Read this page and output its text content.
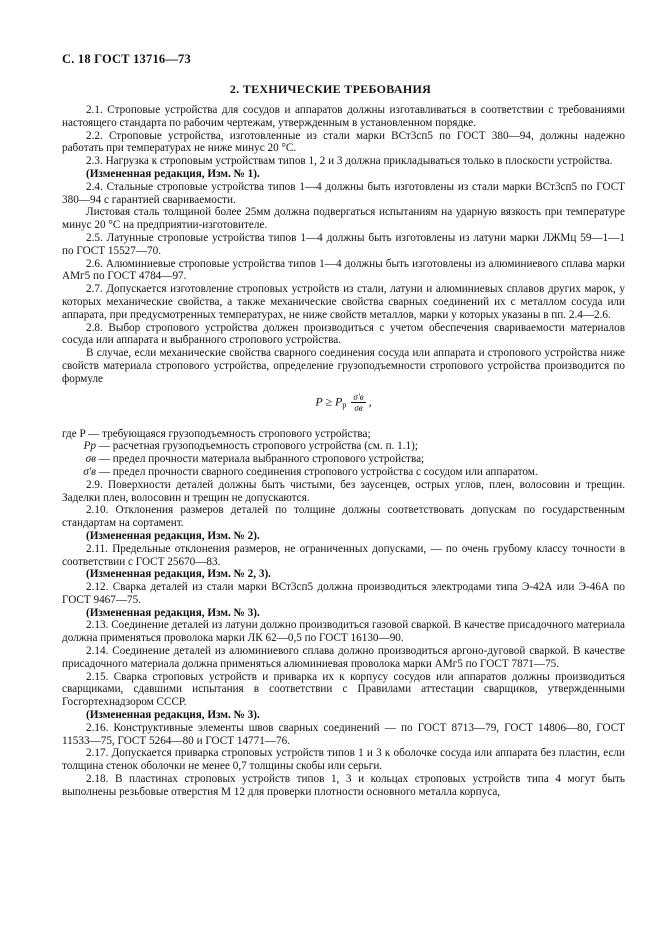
С. 18 ГОСТ 13716—73
2. ТЕХНИЧЕСКИЕ ТРЕБОВАНИЯ

2.1. Строповые устройства для сосудов и аппаратов должны изготавливаться в соответствии с требованиями настоящего стандарта по рабочим чертежам, утвержденным в установленном порядке.

2.2. Строповые устройства, изготовленные из стали марки ВСт3сп5 по ГОСТ 380—94, должны надежно работать при температурах не ниже минус 20 °С.

2.3. Нагрузка к строповым устройствам типов 1, 2 и 3 должна прикладываться только в плоскости устройства.

(Измененная редакция, Изм. № 1).

2.4. Стальные строповые устройства типов 1—4 должны быть изготовлены из стали марки ВСт3сп5 по ГОСТ 380—94 с гарантией свариваемости.

Листовая сталь толщиной более 25мм должна подвергаться испытаниям на ударную вязкость при температуре минус 20 °С на предприятии-изготовителе.

2.5. Латунные строповые устройства типов 1—4 должны быть изготовлены из латуни марки ЛЖМц 59—1—1 по ГОСТ 15527—70.

2.6. Алюминиевые строповые устройства типов 1—4 должны быть изготовлены из алюминиевого сплава марки АМг5 по ГОСТ 4784—97.

2.7. Допускается изготовление строповых устройств из стали, латуни и алюминиевых сплавов других марок, у которых механические свойства, а также механические свойства сварных соединений их с металлом сосуда или аппарата, при предусмотренных температурах, не ниже свойств металлов, марки у которых указаны в пп. 2.4—2.6.

2.8. Выбор стропового устройства должен производиться с учетом обеспечения свариваемости материалов сосуда или аппарата и выбранного стропового устройства.

В случае, если механические свойства сварного соединения сосуда или аппарата и стропового устройства ниже свойств материала стропового устройства, определение грузоподъемности стропового устройства производится по формуле

$P \ge P_p \frac{\sigma'в}{\sigma в}$ ,
где P — требующаяся грузоподъемность стропового устройства;
Pp — расчетная грузоподъемность стропового устройства (см. п. 1.1);
σв — предел прочности материала выбранного стропового устройства;
σ'в — предел прочности сварного соединения стропового устройства с сосудом или аппаратом.

2.9. Поверхности деталей должны быть чистыми, без заусенцев, острых углов, плен, волосовин и трещин. Заделки плен, волосовин и трещин не допускаются.

2.10. Отклонения размеров деталей по толщине должны соответствовать допускам по государственным стандартам на сортамент.

(Измененная редакция, Изм. № 2).

2.11. Предельные отклонения размеров, не ограниченных допусками, — по очень грубому классу точности в соответствии с ГОСТ 25670—83.

(Измененная редакция, Изм. № 2, 3).

2.12. Сварка деталей из стали марки ВСт3сп5 должна производиться электродами типа Э-42А или Э-46А по ГОСТ 9467—75.

(Измененная редакция, Изм. № 3).

2.13. Соединение деталей из латуни должно производиться газовой сваркой. В качестве присадочного материала должна применяться проволока марки ЛК 62—0,5 по ГОСТ 16130—90.

2.14. Соединение деталей из алюминиевого сплава должно производиться аргоно-дуговой сваркой. В качестве присадочного материала должна применяться алюминиевая проволока марки АМг5 по ГОСТ 7871—75.

2.15. Сварка строповых устройств и приварка их к корпусу сосудов или аппаратов должны производиться сварщиками, сдавшими испытания в соответствии с Правилами аттестации сварщиков, утвержденными Госгортехнадзором СССР.

(Измененная редакция, Изм. № 3).

2.16. Конструктивные элементы швов сварных соединений — по ГОСТ 8713—79, ГОСТ 14806—80, ГОСТ 11533—75, ГОСТ 5264—80 и ГОСТ 14771—76.

2.17. Допускается приварка строповых устройств типов 1 и 3 к оболочке сосуда или аппарата без пластин, если толщина стенок оболочки не менее 0,7 толщины скобы или серьги.

2.18. В пластинах строповых устройств типов 1, 3 и кольцах строповых устройств типа 4 могут быть выполнены резьбовые отверстия М 12 для проверки плотности основного металла корпуса,
